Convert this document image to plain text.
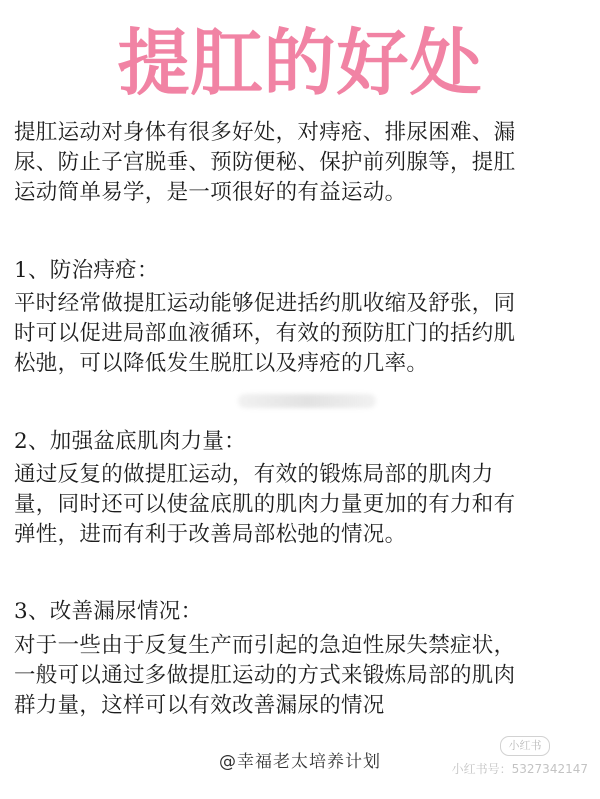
提肛的好处
提肛运动对身体有很多好处，对痔疮、排尿困难、漏
尿、防止子宫脱垂、预防便秘、保护前列腺等，提肛
运动简单易学，是一项很好的有益运动。
1、防治痔疮：
平时经常做提肛运动能够促进括约肌收缩及舒张，同
时可以促进局部血液循环，有效的预防肛门的括约肌
松弛，可以降低发生脱肛以及痔疮的几率。
2、加强盆底肌肉力量：
通过反复的做提肛运动，有效的锻炼局部的肌肉力
量，同时还可以使盆底肌的肌肉力量更加的有力和有
弹性，进而有利于改善局部松弛的情况。
3、改善漏尿情况：
对于一些由于反复生产而引起的急迫性尿失禁症状，
一般可以通过多做提肛运动的方式来锻炼局部的肌肉
群力量，这样可以有效改善漏尿的情况
@幸福老太培养计划
小红书
小红书号：5327342147
